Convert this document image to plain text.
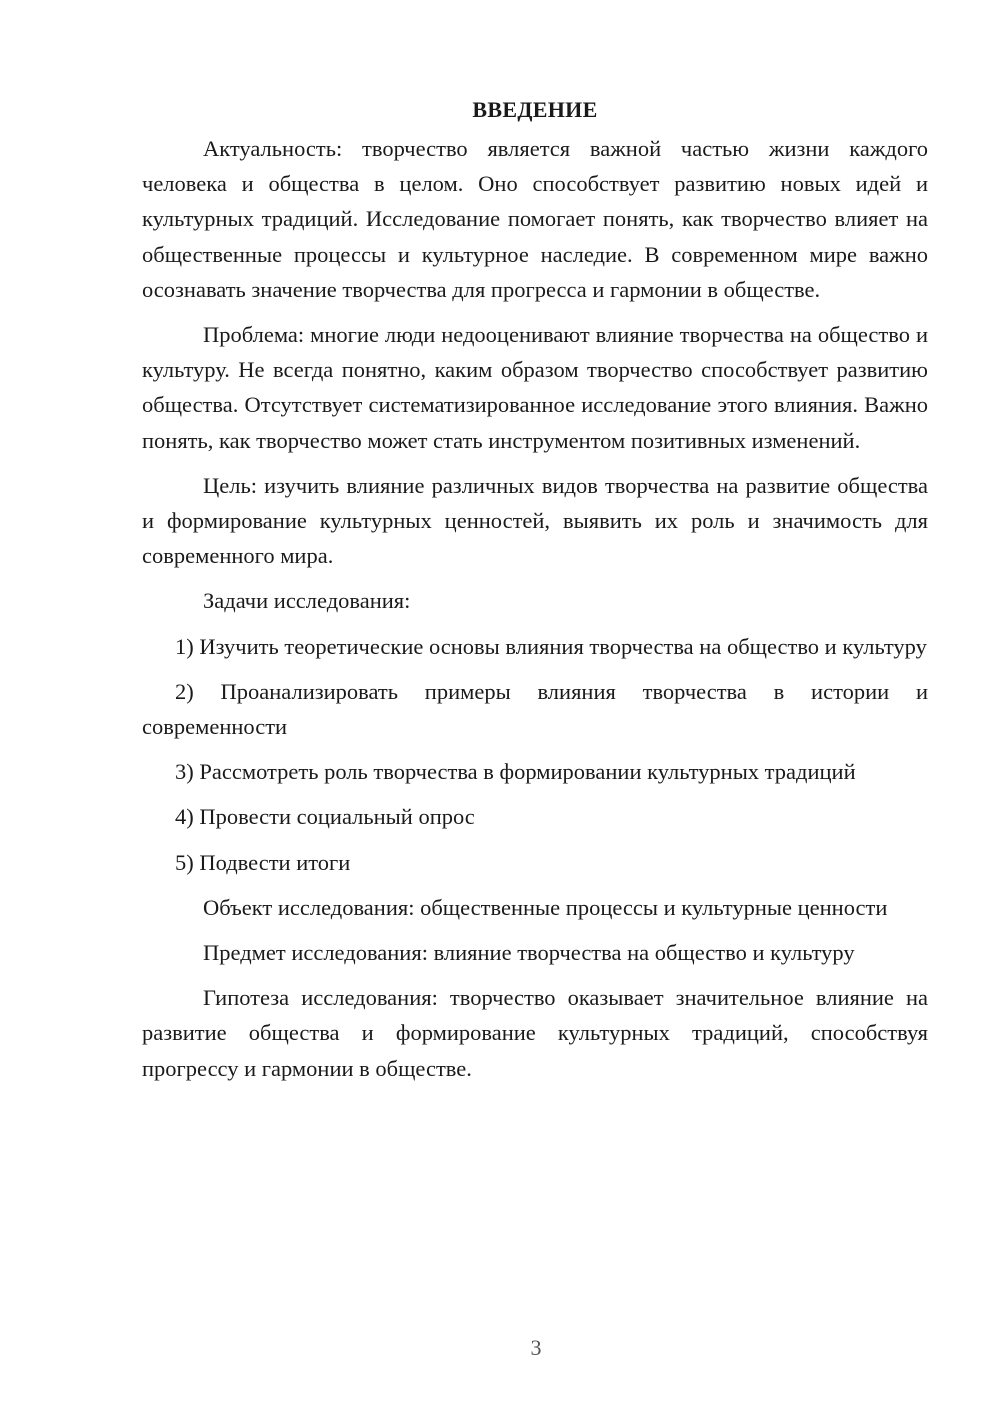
ВВЕДЕНИЕ

Актуальность: творчество является важной частью жизни каждого человека и общества в целом. Оно способствует развитию новых идей и культурных традиций. Исследование помогает понять, как творчество влияет на общественные процессы и культурное наследие. В современном мире важно осознавать значение творчества для прогресса и гармонии в обществе.

Проблема: многие люди недооценивают влияние творчества на общество и культуру. Не всегда понятно, каким образом творчество способствует развитию общества. Отсутствует систематизированное исследование этого влияния. Важно понять, как творчество может стать инструментом позитивных изменений.

Цель: изучить влияние различных видов творчества на развитие общества и формирование культурных ценностей, выявить их роль и значимость для современного мира.

Задачи исследования:

1) Изучить теоретические основы влияния творчества на общество и культуру

2) Проанализировать примеры влияния творчества в истории и современности

3) Рассмотреть роль творчества в формировании культурных традиций

4) Провести социальный опрос

5) Подвести итоги

Объект исследования: общественные процессы и культурные ценности

Предмет исследования: влияние творчества на общество и культуру

Гипотеза исследования: творчество оказывает значительное влияние на развитие общества и формирование культурных традиций, способствуя прогрессу и гармонии в обществе.

3
